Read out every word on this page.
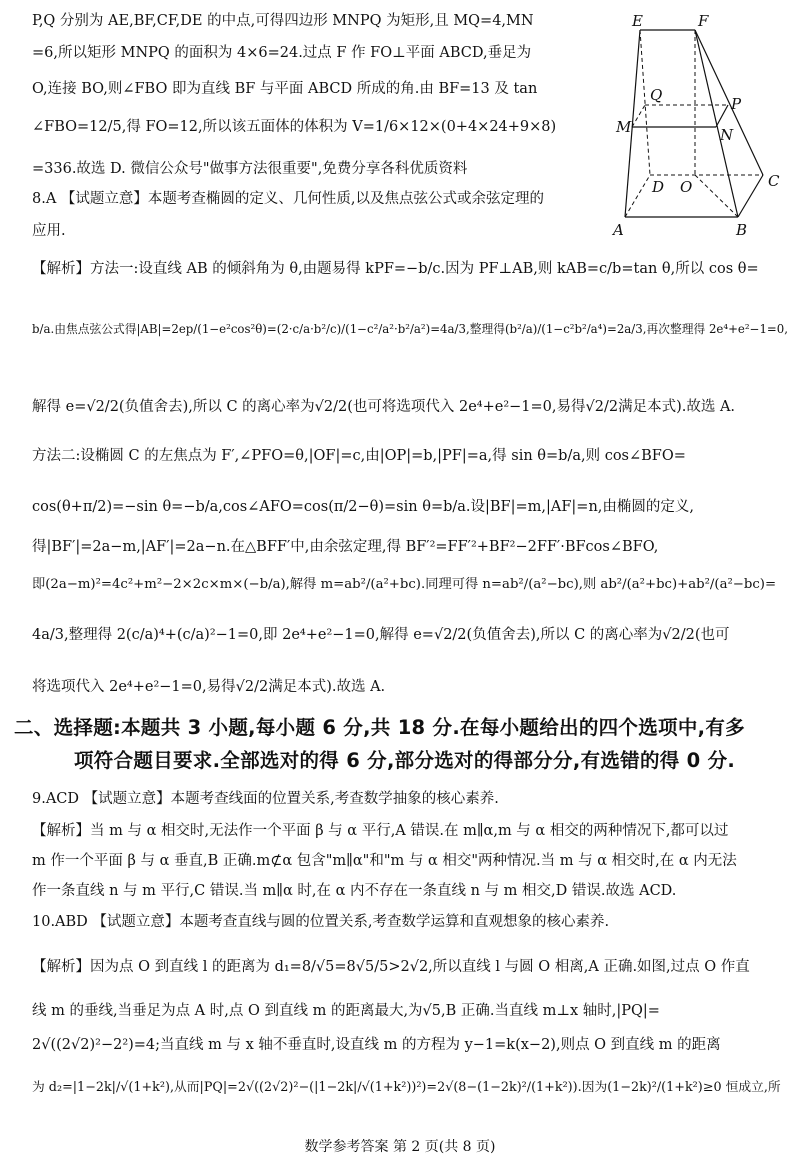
P,Q 分别为 AE,BF,CF,DE 的中点,可得四边形 MNPQ 为矩形,且 MQ=4,MN
=6,所以矩形 MNPQ 的面积为 4×6=24.过点 F 作 FO⊥平面 ABCD,垂足为
O,连接 BO,则∠FBO 即为直线 BF 与平面 ABCD 所成的角.由 BF=13 及 tan
∠FBO=12/5,得 FO=12,所以该五面体的体积为 V=1/6×12×(0+4×24+9×8)
=336.故选 D. 微信公众号"做事方法很重要",免费分享各科优质资料
8.A 【试题立意】本题考查椭圆的定义、几何性质,以及焦点弦公式或余弦定理的
应用.
【解析】方法一:设直线 AB 的倾斜角为 θ,由题易得 kPF=−b/c.因为 PF⊥AB,则 kAB=c/b=tan θ,所以 cos θ=
b/a.由焦点弦公式得|AB|=2ep/(1−e²cos²θ)=(2·c/a·b²/c)/(1−c²/a²·b²/a²)=4a/3,整理得(b²/a)/(1−c²b²/a⁴)=2a/3,再次整理得 2e⁴+e²−1=0,
解得 e=√2/2(负值舍去),所以 C 的离心率为√2/2(也可将选项代入 2e⁴+e²−1=0,易得√2/2满足本式).故选 A.
方法二:设椭圆 C 的左焦点为 F′,∠PFO=θ,|OF|=c,由|OP|=b,|PF|=a,得 sin θ=b/a,则 cos∠BFO=
cos(θ+π/2)=−sin θ=−b/a,cos∠AFO=cos(π/2−θ)=sin θ=b/a.设|BF|=m,|AF|=n,由椭圆的定义,
得|BF′|=2a−m,|AF′|=2a−n.在△BFF′中,由余弦定理,得 BF′²=FF′²+BF²−2FF′·BFcos∠BFO,
即(2a−m)²=4c²+m²−2×2c×m×(−b/a),解得 m=ab²/(a²+bc).同理可得 n=ab²/(a²−bc),则 ab²/(a²+bc)+ab²/(a²−bc)=
4a/3,整理得 2(c/a)⁴+(c/a)²−1=0,即 2e⁴+e²−1=0,解得 e=√2/2(负值舍去),所以 C 的离心率为√2/2(也可
将选项代入 2e⁴+e²−1=0,易得√2/2满足本式).故选 A.
9.ACD 【试题立意】本题考查线面的位置关系,考查数学抽象的核心素养.
【解析】当 m 与 α 相交时,无法作一个平面 β 与 α 平行,A 错误.在 m∥α,m 与 α 相交的两种情况下,都可以过
m 作一个平面 β 与 α 垂直,B 正确.m⊄α 包含"m∥α"和"m 与 α 相交"两种情况.当 m 与 α 相交时,在 α 内无法
作一条直线 n 与 m 平行,C 错误.当 m∥α 时,在 α 内不存在一条直线 n 与 m 相交,D 错误.故选 ACD.
10.ABD 【试题立意】本题考查直线与圆的位置关系,考查数学运算和直观想象的核心素养.
【解析】因为点 O 到直线 l 的距离为 d₁=8/√5=8√5/5>2√2,所以直线 l 与圆 O 相离,A 正确.如图,过点 O 作直
线 m 的垂线,当垂足为点 A 时,点 O 到直线 m 的距离最大,为√5,B 正确.当直线 m⊥x 轴时,|PQ|=
2√((2√2)²−2²)=4;当直线 m 与 x 轴不垂直时,设直线 m 的方程为 y−1=k(x−2),则点 O 到直线 m 的距离
为 d₂=|1−2k|/√(1+k²),从而|PQ|=2√((2√2)²−(|1−2k|/√(1+k²))²)=2√(8−(1−2k)²/(1+k²)).因为(1−2k)²/(1+k²)≥0 恒成立,所
二、选择题:本题共 3 小题,每小题 6 分,共 18 分.在每小题给出的四个选项中,有多
项符合题目要求.全部选对的得 6 分,部分选对的得部分分,有选错的得 0 分.
E	F
Q	P
M	N
D O	C
A	B
数学参考答案 第 2 页(共 8 页)
